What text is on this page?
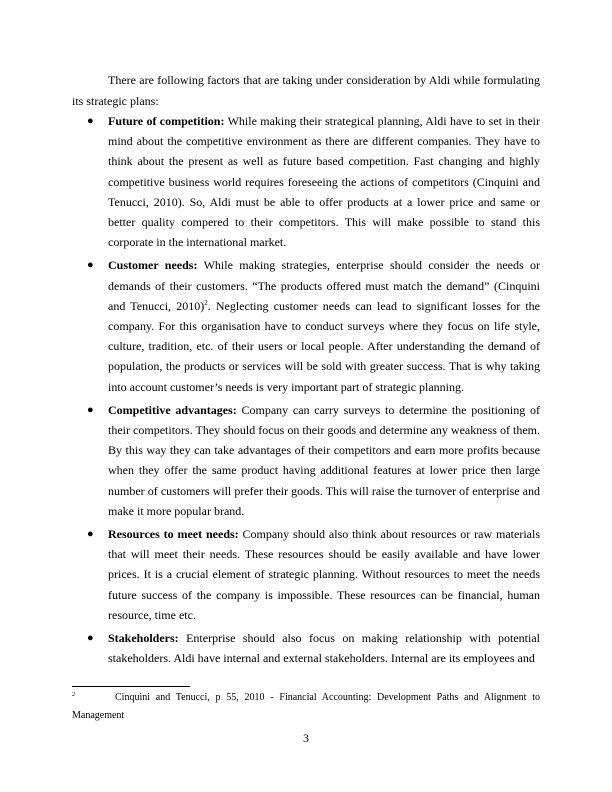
There are following factors that are taking under consideration by Aldi while formulating its strategic plans:

● Future of competition: While making their strategical planning, Aldi have to set in their mind about the competitive environment as there are different companies. They have to think about the present as well as future based competition. Fast changing and highly competitive business world requires foreseeing the actions of competitors (Cinquini and Tenucci, 2010). So, Aldi must be able to offer products at a lower price and same or better quality compered to their competitors. This will make possible to stand this corporate in the international market.
● Customer needs: While making strategies, enterprise should consider the needs or demands of their customers. “The products offered must match the demand” (Cinquini and Tenucci, 2010)$^2$. Neglecting customer needs can lead to significant losses for the company. For this organisation have to conduct surveys where they focus on life style, culture, tradition, etc. of their users or local people. After understanding the demand of population, the products or services will be sold with greater success. That is why taking into account customer’s needs is very important part of strategic planning.
● Competitive advantages: Company can carry surveys to determine the positioning of their competitors. They should focus on their goods and determine any weakness of them. By this way they can take advantages of their competitors and earn more profits because when they offer the same product having additional features at lower price then large number of customers will prefer their goods. This will raise the turnover of enterprise and make it more popular brand.
● Resources to meet needs: Company should also think about resources or raw materials that will meet their needs. These resources should be easily available and have lower prices. It is a crucial element of strategic planning. Without resources to meet the needs future success of the company is impossible. These resources can be financial, human resource, time etc.
● Stakeholders: Enterprise should also focus on making relationship with potential stakeholders. Aldi have internal and external stakeholders. Internal are its employees and

$^2$	Cinquini and Tenucci, p 55, 2010 - Financial Accounting: Development Paths and Alignment to Management

3
